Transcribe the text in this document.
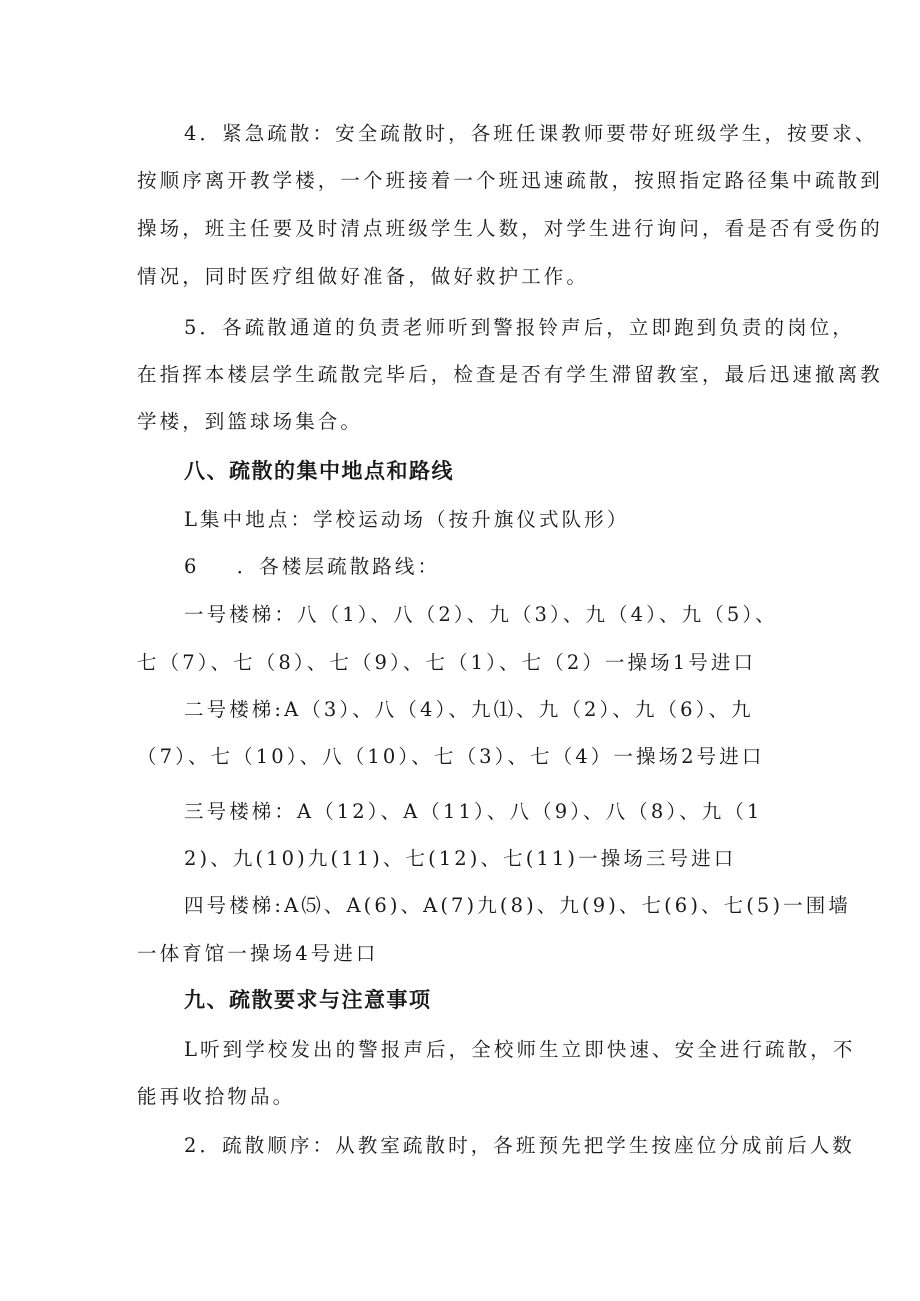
4．紧急疏散：安全疏散时，各班任课教师要带好班级学生，按要求、
按顺序离开教学楼，一个班接着一个班迅速疏散，按照指定路径集中疏散到
操场，班主任要及时清点班级学生人数，对学生进行询问，看是否有受伤的
情况，同时医疗组做好准备，做好救护工作。
5．各疏散通道的负责老师听到警报铃声后，立即跑到负责的岗位，
在指挥本楼层学生疏散完毕后，检查是否有学生滞留教室，最后迅速撤离教
学楼，到篮球场集合。
八、疏散的集中地点和路线
L集中地点：学校运动场（按升旗仪式队形）
6    ．各楼层疏散路线：
一号楼梯：八（1）、八（2）、九（3）、九（4）、九（5）、
七（7）、七（8）、七（9）、七（1）、七（2）一操场1号进口
二号楼梯:A（3）、八（4）、九⑴、九（2）、九（6）、九
（7）、七（10）、八（10）、七（3）、七（4）一操场2号进口
三号楼梯：A（12）、A（11）、八（9）、八（8）、九（1
2)、九(10)九(11)、七(12)、七(11)一操场三号进口
四号楼梯:A⑸、A(6)、A(7)九(8)、九(9)、七(6)、七(5)一围墙
一体育馆一操场4号进口
九、疏散要求与注意事项
L听到学校发出的警报声后，全校师生立即快速、安全进行疏散，不
能再收拾物品。
2．疏散顺序：从教室疏散时，各班预先把学生按座位分成前后人数
